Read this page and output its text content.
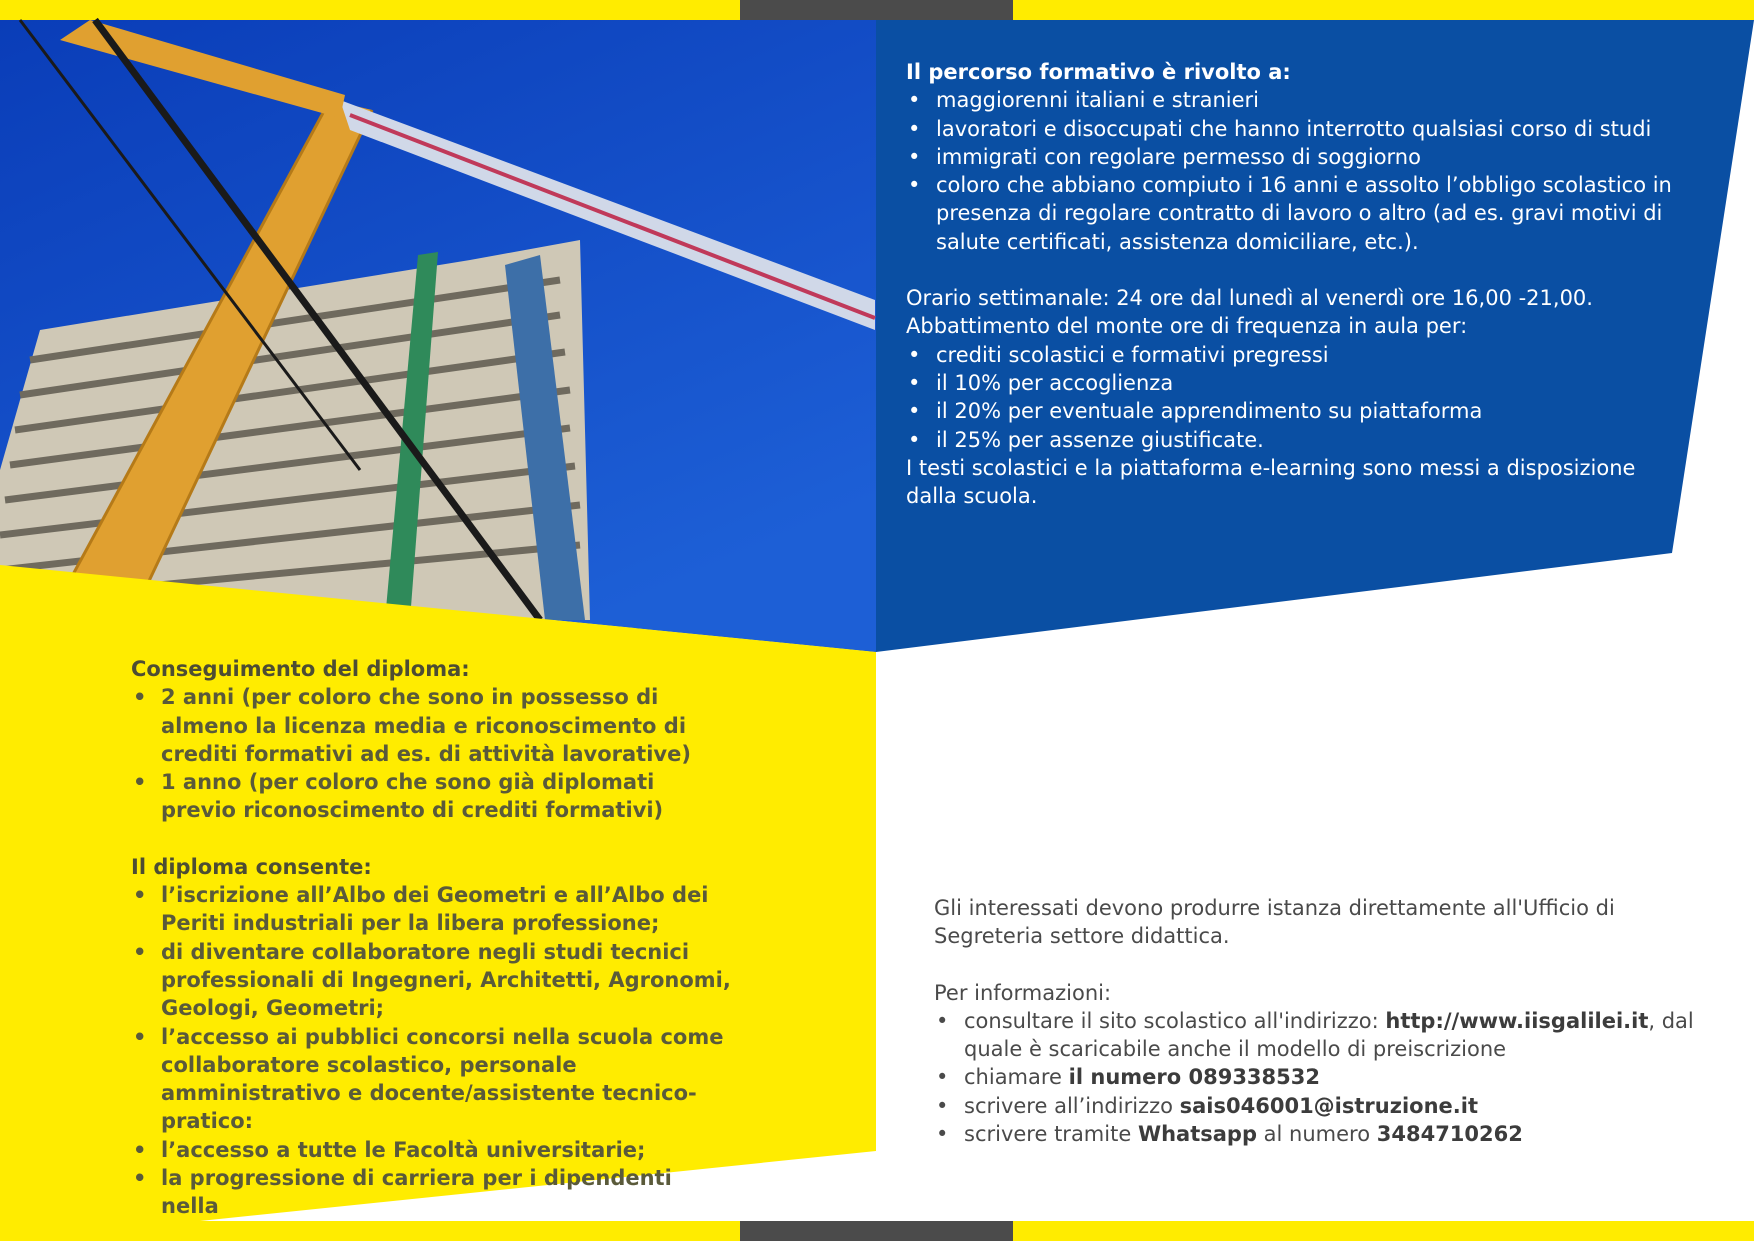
Il percorso formativo è rivolto a:
• maggiorenni italiani e stranieri
• lavoratori e disoccupati che hanno interrotto qualsiasi corso di studi
• immigrati con regolare permesso di soggiorno
• coloro che abbiano compiuto i 16 anni e assolto l’obbligo scolastico in presenza di regolare contratto di lavoro o altro (ad es. gravi motivi di salute certificati, assistenza domiciliare, etc.).
Orario settimanale: 24 ore dal lunedì al venerdì ore 16,00 -21,00.
Abbattimento del monte ore di frequenza in aula per:
• crediti scolastici e formativi pregressi
• il 10% per accoglienza
• il 20% per eventuale apprendimento su piattaforma
• il 25% per assenze giustificate.
I testi scolastici e la piattaforma e-learning sono messi a disposizione dalla scuola.
Conseguimento del diploma:
• 2 anni (per coloro che sono in possesso di almeno la licenza media e riconoscimento di crediti formativi ad es. di attività lavorative)
• 1 anno (per coloro che sono già diplomati previo riconoscimento di crediti formativi)
Il diploma consente:
• l’iscrizione all’Albo dei Geometri e all’Albo dei Periti industriali per la libera professione;
• di diventare collaboratore negli studi tecnici professionali di Ingegneri, Architetti, Agronomi, Geologi, Geometri;
• l’accesso ai pubblici concorsi nella scuola come collaboratore scolastico, personale amministrativo e docente/assistente tecnico-pratico:
• l’accesso a tutte le Facoltà universitarie;
• la progressione di carriera per i dipendenti nella
Gli interessati devono produrre istanza direttamente all'Ufficio di Segreteria settore didattica.
Per informazioni:
• consultare il sito scolastico all'indirizzo: http://www.iisgalilei.it, dal quale è scaricabile anche il modello di preiscrizione
• chiamare il numero 089338532
• scrivere all’indirizzo sais046001@istruzione.it
• scrivere tramite Whatsapp al numero 3484710262
